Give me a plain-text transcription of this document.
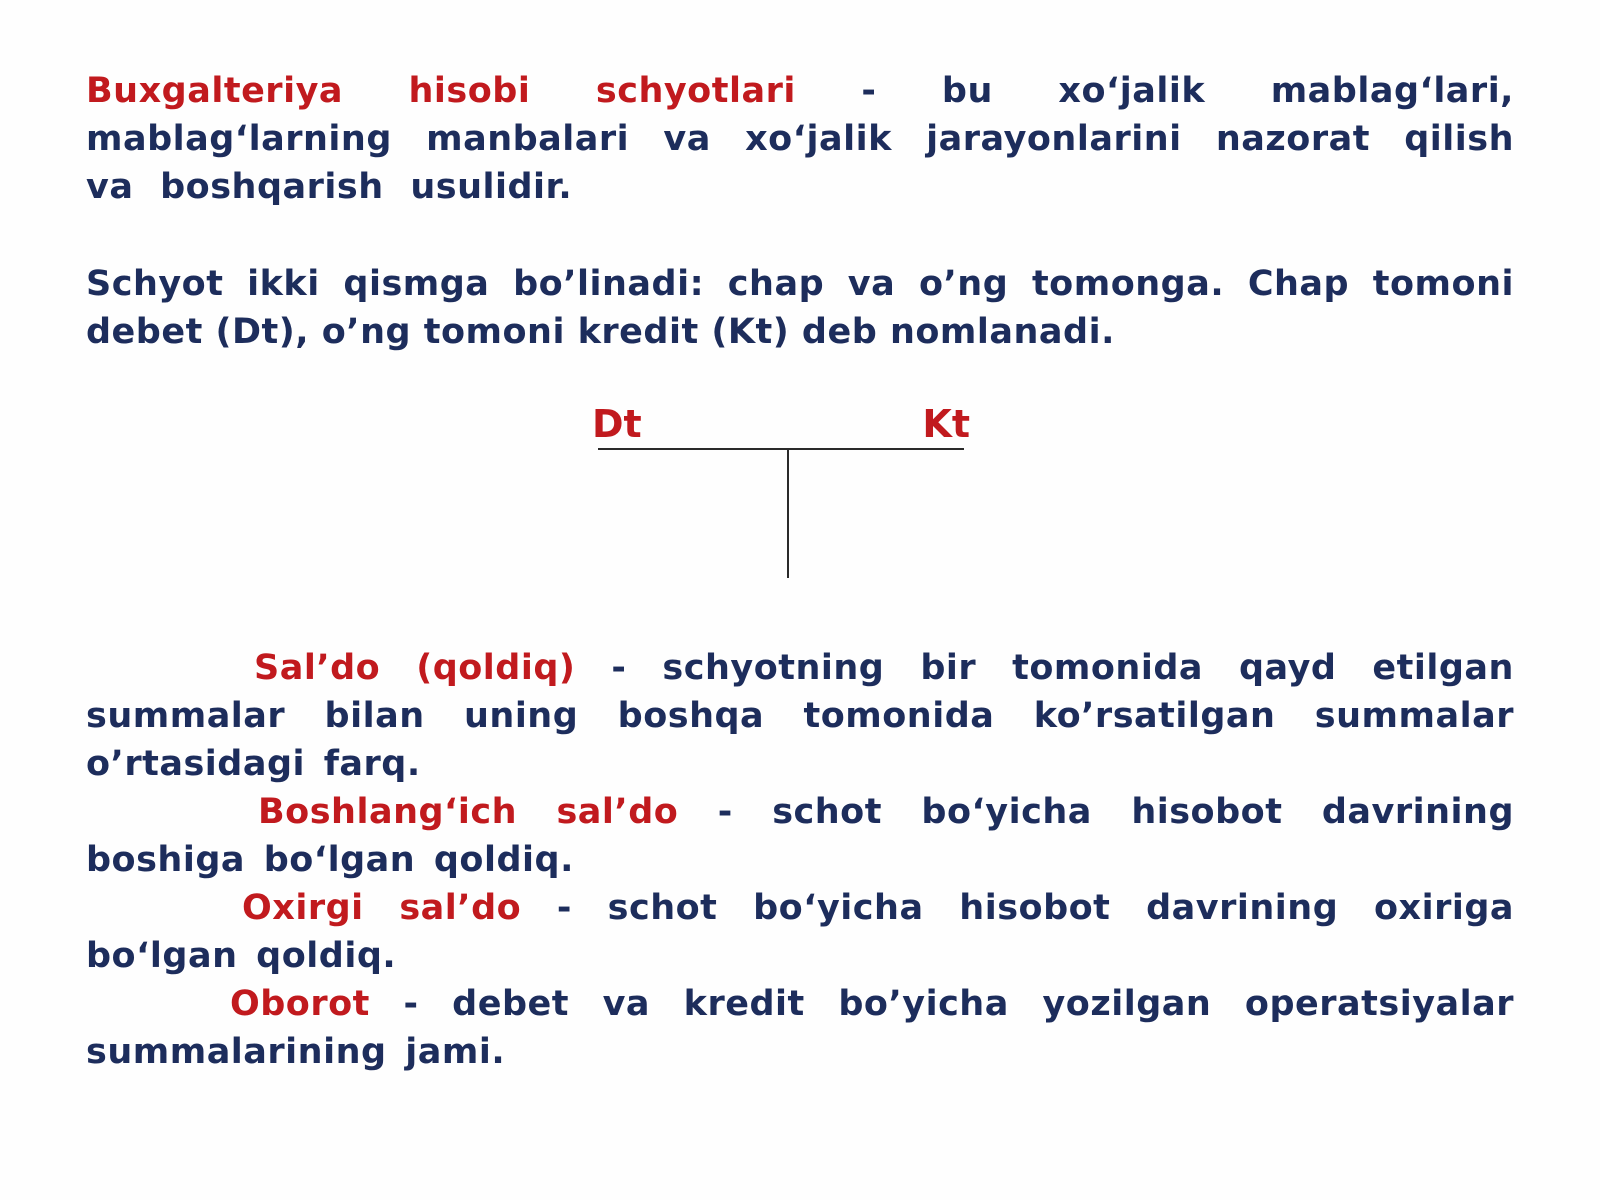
Buxgalteriya hisobi schyotlari - bu xo‘jalik mablag‘lari, mablag‘larning manbalari va xo‘jalik jarayonlarini nazorat qilish va boshqarish usulidir.

Schyot ikki qismga bo’linadi: chap va o’ng tomonga. Chap tomoni debet (Dt), o’ng tomoni kredit (Kt) deb nomlanadi.

Dt	Kt

Sal’do (qoldiq) - schyotning bir tomonida qayd etilgan summalar bilan uning boshqa tomonida ko’rsatilgan summalar o’rtasidagi farq.

Boshlang‘ich sal’do - schot bo‘yicha hisobot davrining boshiga bo‘lgan qoldiq.

Oxirgi sal’do - schot bo‘yicha hisobot davrining oxiriga bo‘lgan qoldiq.

Oborot - debet va kredit bo’yicha yozilgan operatsiyalar summalarining jami.
